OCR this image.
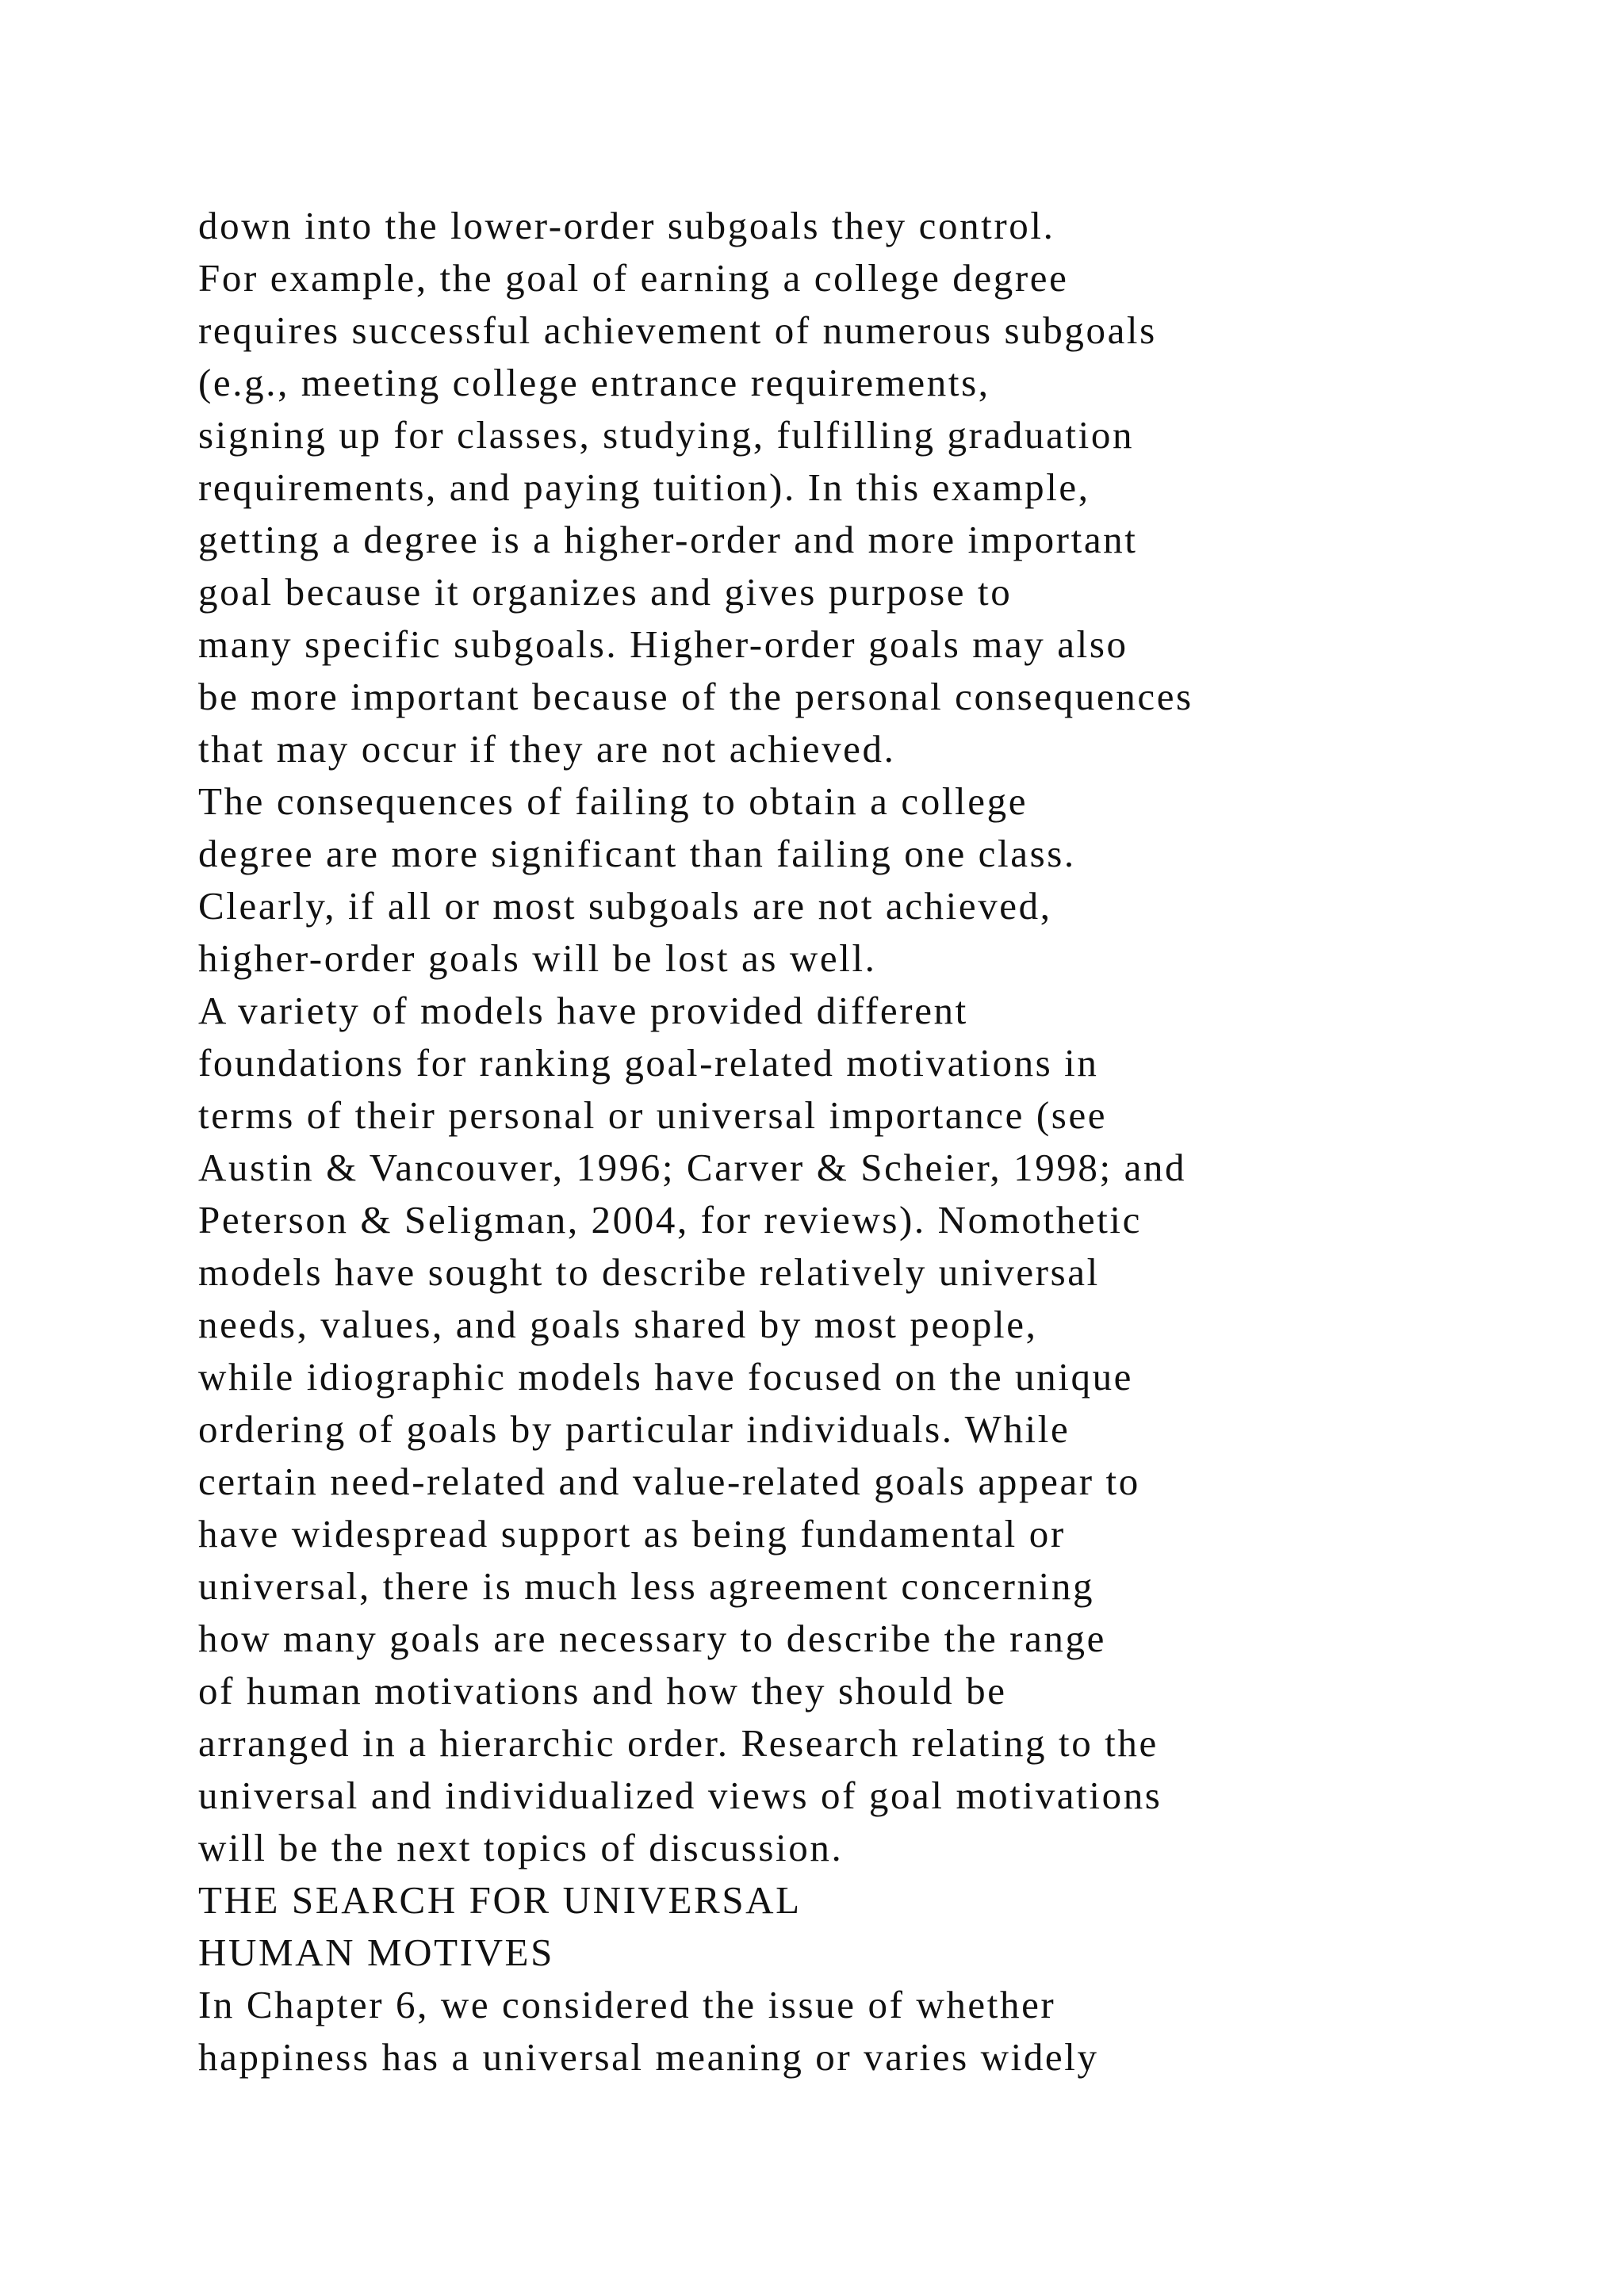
down into the lower-order subgoals they control.
For example, the goal of earning a college degree
requires successful achievement of numerous subgoals
(e.g., meeting college entrance requirements,
signing up for classes, studying, fulfilling graduation
requirements, and paying tuition). In this example,
getting a degree is a higher-order and more important
goal because it organizes and gives purpose to
many specific subgoals. Higher-order goals may also
be more important because of the personal consequences
that may occur if they are not achieved.
The consequences of failing to obtain a college
degree are more significant than failing one class.
Clearly, if all or most subgoals are not achieved,
higher-order goals will be lost as well.
A variety of models have provided different
foundations for ranking goal-related motivations in
terms of their personal or universal importance (see
Austin & Vancouver, 1996; Carver & Scheier, 1998; and
Peterson & Seligman, 2004, for reviews). Nomothetic
models have sought to describe relatively universal
needs, values, and goals shared by most people,
while idiographic models have focused on the unique
ordering of goals by particular individuals. While
certain need-related and value-related goals appear to
have widespread support as being fundamental or
universal, there is much less agreement concerning
how many goals are necessary to describe the range
of human motivations and how they should be
arranged in a hierarchic order. Research relating to the
universal and individualized views of goal motivations
will be the next topics of discussion.
THE SEARCH FOR UNIVERSAL
HUMAN MOTIVES
In Chapter 6, we considered the issue of whether
happiness has a universal meaning or varies widely
